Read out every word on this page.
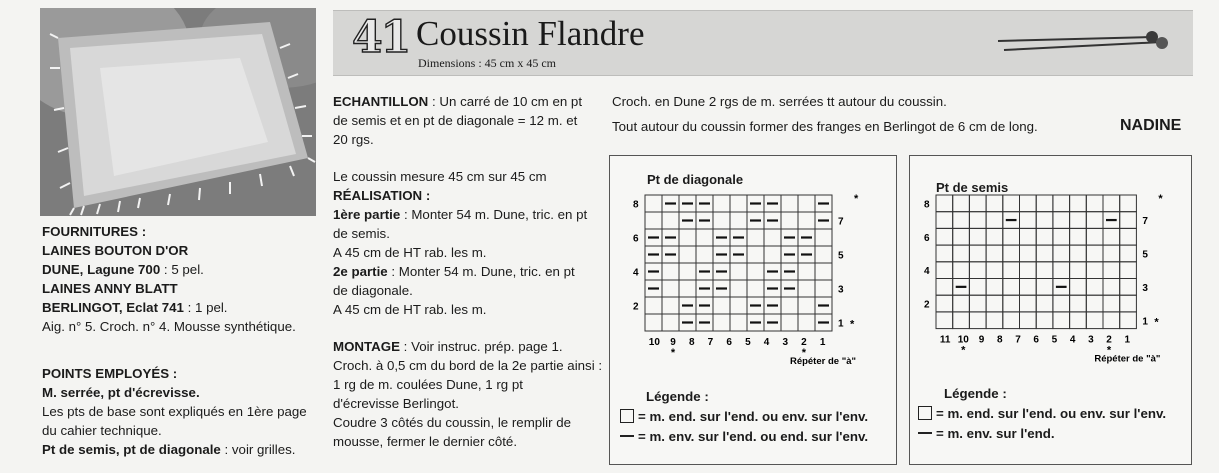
FOURNITURES :
LAINES BOUTON D'OR
DUNE, Lagune 700 : 5 pel.
LAINES ANNY BLATT
BERLINGOT, Eclat 741 : 1 pel.
Aig. n° 5. Croch. n° 4. Mousse synthétique.
POINTS EMPLOYÉS :
M. serrée, pt d'écrevisse.
Les pts de base sont expliqués en 1ère page
du cahier technique.
Pt de semis, pt de diagonale : voir grilles.
41 Coussin Flandre
Dimensions : 45 cm x 45 cm
ECHANTILLON : Un carré de 10 cm en pt
de semis et en pt de diagonale = 12 m. et
20 rgs.
Le coussin mesure 45 cm sur 45 cm
RÉALISATION :
1ère partie : Monter 54 m. Dune, tric. en pt
de semis.
A 45 cm de HT rab. les m.
2e partie : Monter 54 m. Dune, tric. en pt
de diagonale.
A 45 cm de HT rab. les m.
MONTAGE : Voir instruc. prép. page 1.
Croch. à 0,5 cm du bord de la 2e partie ainsi :
1 rg de m. coulées Dune, 1 rg pt
d'écrevisse Berlingot.
Coudre 3 côtés du coussin, le remplir de
mousse, fermer le dernier côté.
Croch. en Dune 2 rgs de m. serrées tt autour du coussin.
Tout autour du coussin former des franges en Berlingot de 6 cm de long.	NADINE
Pt de diagonale
8
6
4
2
7
5
3
1
*
*
10 9 8 7 6 5 4 3 2 1
*	*
Répéter de "à"
Légende :
= m. end. sur l'end. ou env. sur l'env.
= m. env. sur l'end. ou end. sur l'env.
Pt de semis
8
6
4
2
7
5
3
1
*
*
11 10 9 8 7 6 5 4 3 2 1
*	*
Répéter de "à"
Légende :
= m. end. sur l'end. ou env. sur l'env.
= m. env. sur l'end.
